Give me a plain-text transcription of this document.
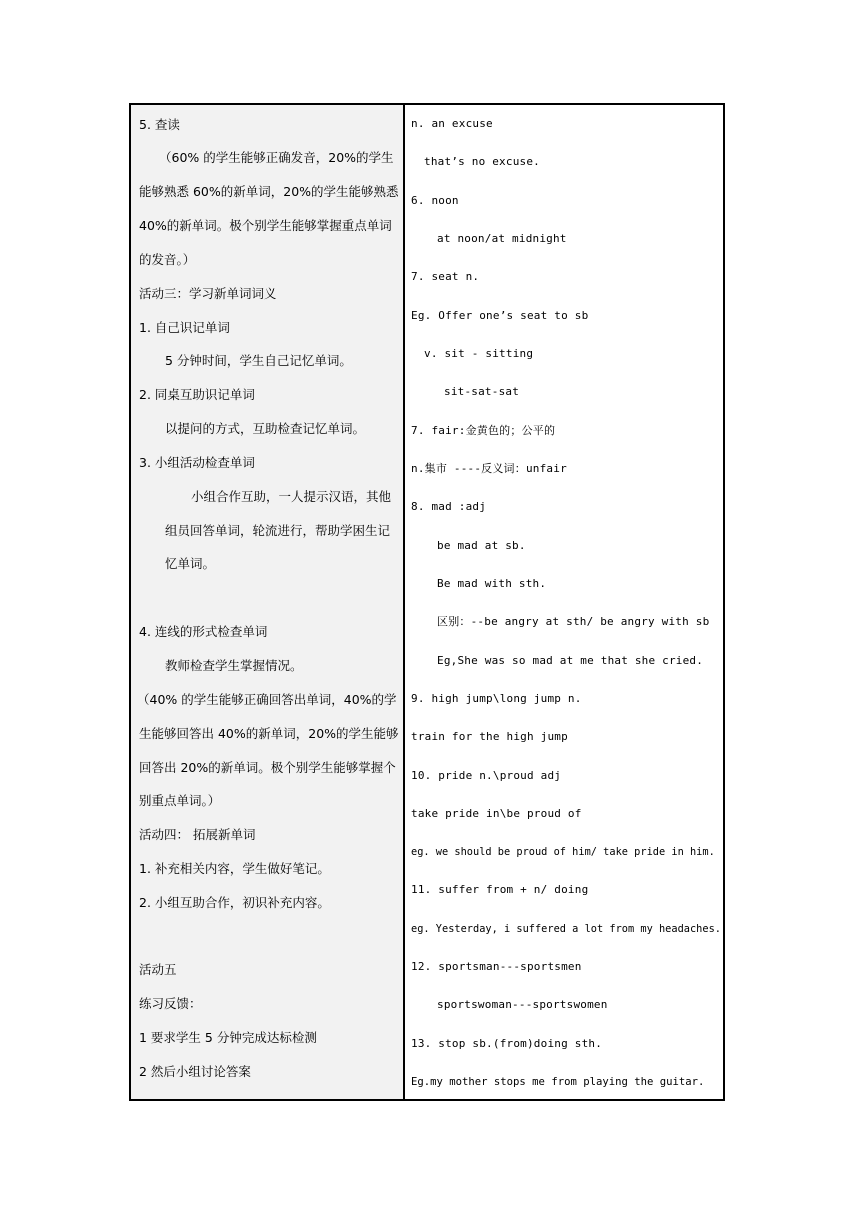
5. 查读
（60% 的学生能够正确发音，20%的学生
能够熟悉 60%的新单词，20%的学生能够熟悉
40%的新单词。极个别学生能够掌握重点单词
的发音。）
活动三：学习新单词词义
1. 自己识记单词
5 分钟时间，学生自己记忆单词。
2. 同桌互助识记单词
以提问的方式，互助检查记忆单词。
3. 小组活动检查单词
小组合作互助，一人提示汉语，其他
组员回答单词，轮流进行，帮助学困生记
忆单词。
4. 连线的形式检查单词
教师检查学生掌握情况。
（40% 的学生能够正确回答出单词，40%的学
生能够回答出 40%的新单词，20%的学生能够
回答出 20%的新单词。极个别学生能够掌握个
别重点单词。）
活动四： 拓展新单词
1. 补充相关内容，学生做好笔记。
2. 小组互助合作，初识补充内容。
活动五
练习反馈：
1 要求学生 5 分钟完成达标检测
2 然后小组讨论答案
n. an excuse
that’s no excuse.
6. noon
at noon/at midnight
7. seat n.
Eg. Offer one’s seat to sb
v. sit - sitting
sit-sat-sat
7. fair:金黄色的；公平的
n.集市 ----反义词：unfair
8. mad :adj
be mad at sb.
Be mad with sth.
区别：--be angry at sth/ be angry with sb
Eg,She was so mad at me that she cried.
9. high jump\long jump n.
train for the high jump
10. pride n.\proud adj
take pride in\be proud of
eg. we should be proud of him/ take pride in him.
11. suffer from + n/ doing
eg. Yesterday, i suffered a lot from my headaches.
12. sportsman---sportsmen
sportswoman---sportswomen
13. stop sb.(from)doing sth.
Eg.my mother stops me from playing the guitar.
